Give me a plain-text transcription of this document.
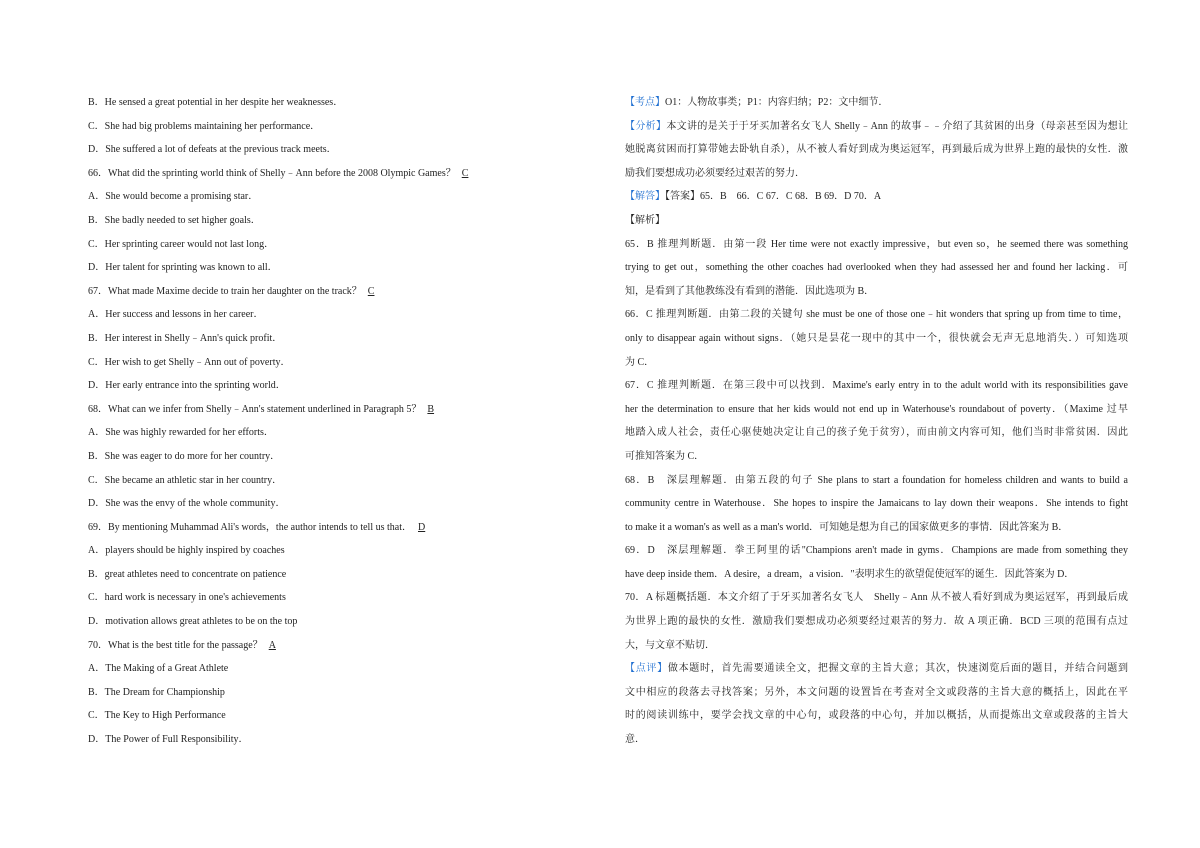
B．He sensed a great potential in her despite her weaknesses．
C．She had big problems maintaining her performance．
D．She suffered a lot of defeats at the previous track meets．
66．What did the sprinting world think of Shelly﹣Ann before the 2008 Olympic Games？ C
A．She would become a promising star．
B．She badly needed to set higher goals．
C．Her sprinting career would not last long．
D．Her talent for sprinting was known to all．
67．What made Maxime decide to train her daughter on the track？ C
A．Her success and lessons in her career．
B．Her interest in Shelly﹣Ann's quick profit．
C．Her wish to get Shelly﹣Ann out of poverty．
D．Her early entrance into the sprinting world．
68．What can we infer from Shelly﹣Ann's statement underlined in Paragraph 5？ B
A．She was highly rewarded for her efforts．
B．She was eager to do more for her country．
C．She became an athletic star in her country．
D．She was the envy of the whole community．
69．By mentioning Muhammad Ali's words，the author intends to tell us that． D
A．players should be highly inspired by coaches
B．great athletes need to concentrate on patience
C．hard work is necessary in one's achievements
D．motivation allows great athletes to be on the top
70．What is the best title for the passage？ A
A．The Making of a Great Athlete
B．The Dream for Championship
C．The Key to High Performance
D．The Power of Full Responsibility．
【考点】O1：人物故事类；P1：内容归纳；P2：文中细节．
【分析】本文讲的是关于于牙买加著名女飞人 Shelly﹣Ann 的故事﹣﹣介绍了其贫困的出身（母亲甚至因为想让
她脱离贫困而打算带她去卧轨自杀），从不被人看好到成为奥运冠军，再到最后成为世界上跑的最快的女性．激
励我们要想成功必须要经过艰苦的努力．
【解答】【答案】65．B　66．C 67．C 68．B 69．D 70．A
【解析】
65．B 推理判断题．由第一段 Her time were not exactly impressive，but even so，he seemed there was something
trying to get out，something the other coaches had overlooked when they had assessed her and found her lacking．可
知，是看到了其他教练没有看到的潜能．因此选项为 B．
66．C 推理判断题．由第二段的关键句 she must be one of those one﹣hit wonders that spring up from time to time，
only to disappear again without signs．（她只是昙花一现中的其中一个，很快就会无声无息地消失．）可知选项
为 C．
67．C 推理判断题．在第三段中可以找到．Maxime's early entry in to the adult world with its responsibilities gave
her the determination to ensure that her kids would not end up in Waterhouse's roundabout of poverty．（Maxime 过早
地踏入成人社会，责任心驱使她决定让自己的孩子免于贫穷），而由前文内容可知，他们当时非常贫困．因此
可推知答案为 C．
68．B　深层理解题．由第五段的句子 She plans to start a foundation for homeless children and wants to build a
community centre in Waterhouse．She hopes to inspire the Jamaicans to lay down their weapons．She intends to fight
to make it a woman's as well as a man's world．可知她是想为自己的国家做更多的事情．因此答案为 B．
69．D　深层理解题．拳王阿里的话"Champions aren't made in gyms．Champions are made from something they
have deep inside them．A desire，a dream，a vision．"表明求生的欲望促使冠军的诞生．因此答案为 D．
70．A 标题概括题．本文介绍了于牙买加著名女飞人　Shelly﹣Ann 从不被人看好到成为奥运冠军，再到最后成
为世界上跑的最快的女性．激励我们要想成功必须要经过艰苦的努力．故 A 项正确．BCD 三项的范围有点过
大，与文章不贴切．
【点评】做本题时，首先需要通读全文，把握文章的主旨大意；其次，快速浏览后面的题目，并结合问题到
文中相应的段落去寻找答案；另外，本文问题的设置旨在考查对全文或段落的主旨大意的概括上，因此在平
时的阅读训练中，要学会找文章的中心句，或段落的中心句，并加以概括，从而提炼出文章或段落的主旨大
意．
